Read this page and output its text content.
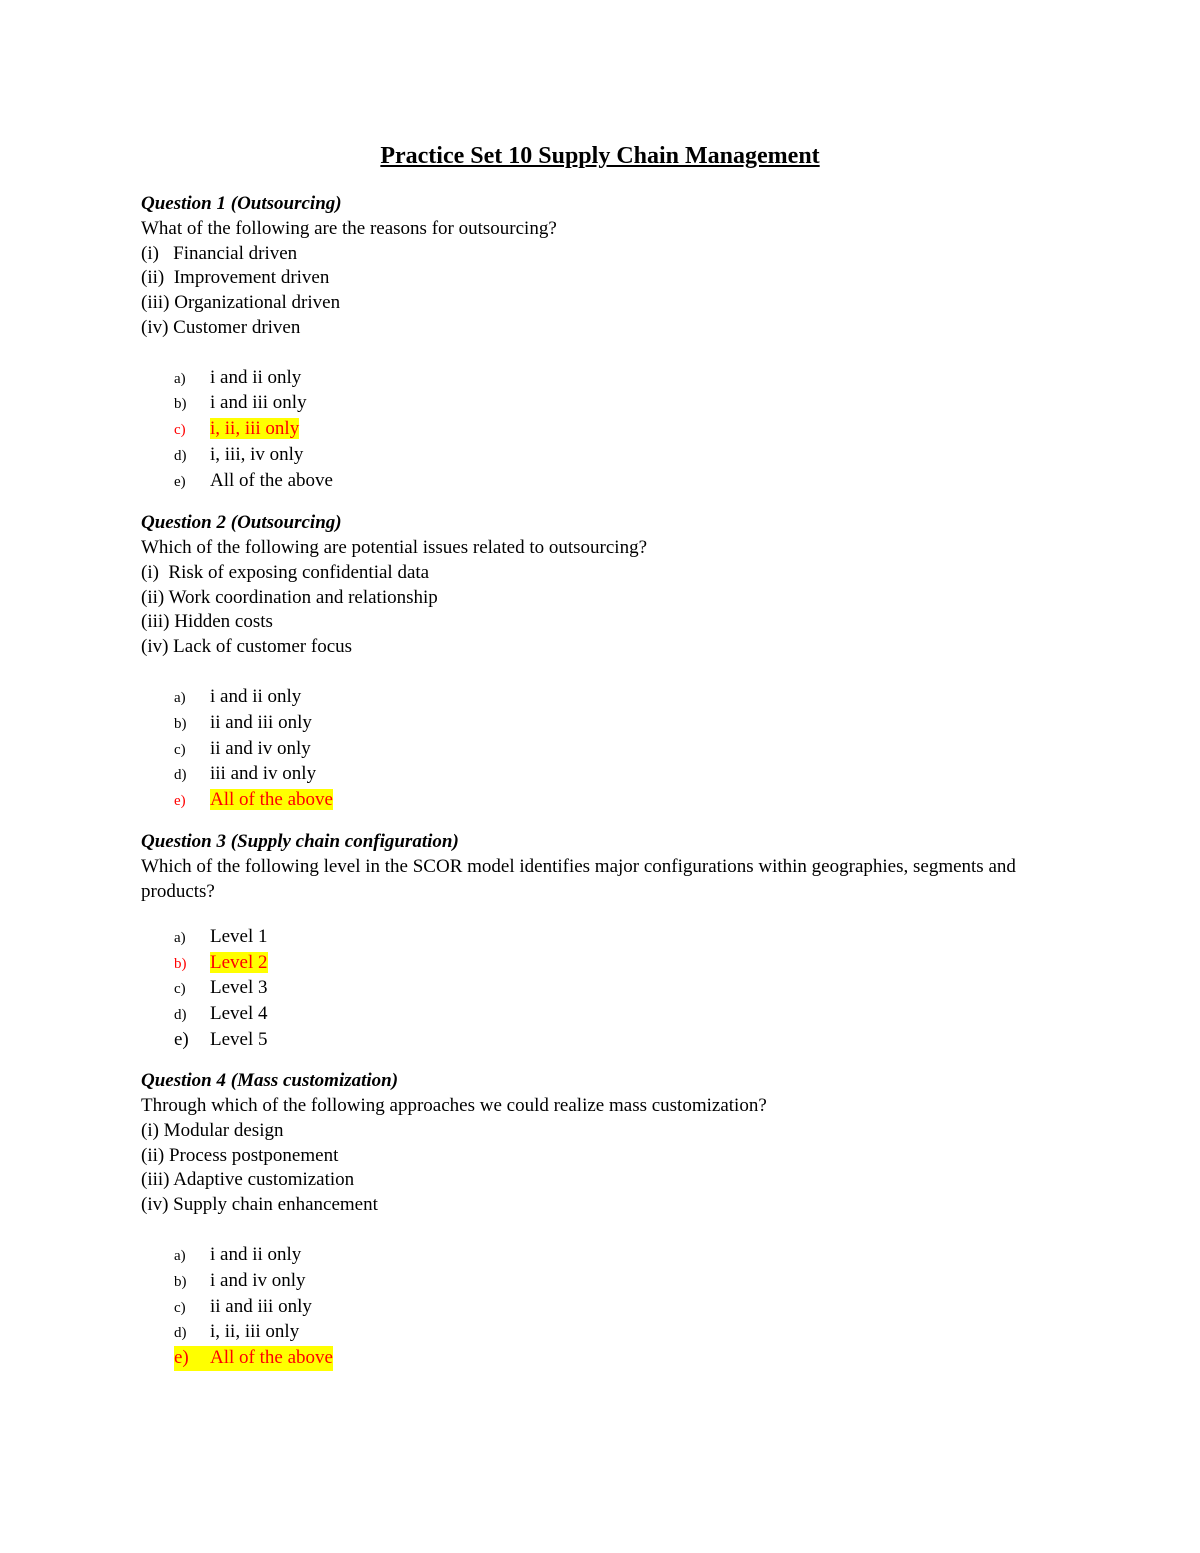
Practice Set 10 Supply Chain Management
Question 1 (Outsourcing)
What of the following are the reasons for outsourcing?
(i)   Financial driven
(ii)  Improvement driven
(iii) Organizational driven
(iv) Customer driven
a) i and ii only
b) i and iii only
c) i, ii, iii only
d) i, iii, iv only
e) All of the above
Question 2 (Outsourcing)
Which of the following are potential issues related to outsourcing?
(i)  Risk of exposing confidential data
(ii) Work coordination and relationship
(iii) Hidden costs
(iv) Lack of customer focus
a) i and ii only
b) ii and iii only
c) ii and iv only
d) iii and iv only
e) All of the above
Question 3 (Supply chain configuration)
Which of the following level in the SCOR model identifies major configurations within geographies, segments and products?
a) Level 1
b) Level 2
c) Level 3
d) Level 4
e) Level 5
Question 4 (Mass customization)
Through which of the following approaches we could realize mass customization?
(i) Modular design
(ii) Process postponement
(iii) Adaptive customization
(iv) Supply chain enhancement
a) i and ii only
b) i and iv only
c) ii and iii only
d) i, ii, iii only
e) All of the above
